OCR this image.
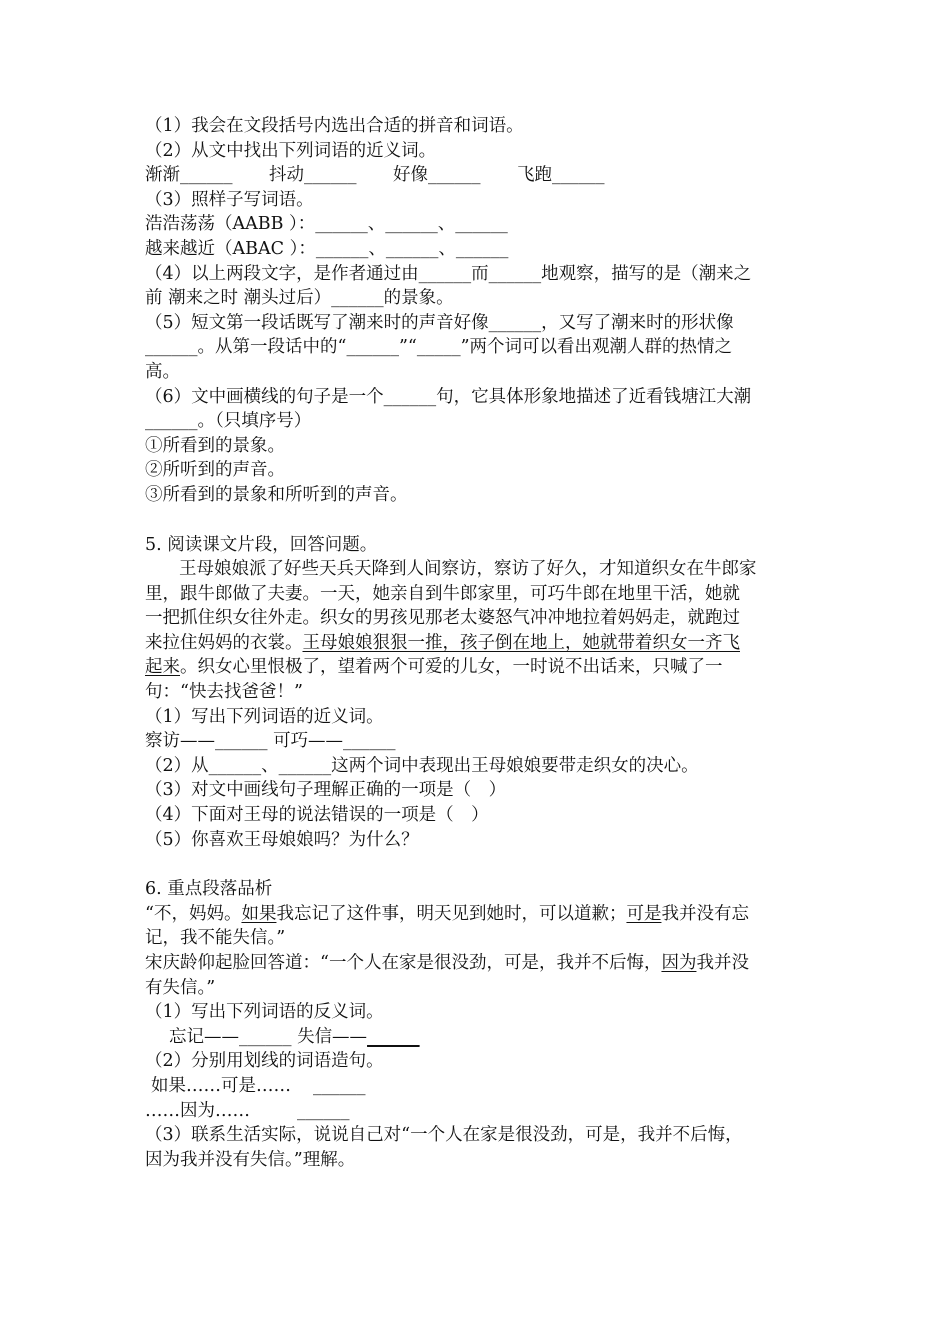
（1）我会在文段括号内选出合适的拼音和词语。
（2）从文中找出下列词语的近义词。

渐渐______

抖动______

好像______

飞跑______

（3）照样子写词语。
浩浩荡荡（AABB ）：______、______、______
越来越近（ABAC ）：______、______、______
（4）以上两段文字，是作者通过由______而______地观察，描写的是（潮来之
前 潮来之时 潮头过后）______的景象。
（5）短文第一段话既写了潮来时的声音好像______，又写了潮来时的形状像
______。从第一段话中的“______”“_____”两个词可以看出观潮人群的热情之
高。
（6）文中画横线的句子是一个______句，它具体形象地描述了近看钱塘江大潮
______。（只填序号）
①所看到的景象。
②所听到的声音。
③所看到的景象和所听到的声音。
5. 阅读课文片段，回答问题。
王母娘娘派了好些天兵天降到人间察访，察访了好久，才知道织女在牛郎家
里，跟牛郎做了夫妻。一天，她亲自到牛郎家里，可巧牛郎在地里干活，她就
一把抓住织女往外走。织女的男孩见那老太婆怒气冲冲地拉着妈妈走，就跑过
来拉住妈妈的衣裳。王母娘娘狠狠一推，孩子倒在地上，她就带着织女一齐飞
起来。织女心里恨极了，望着两个可爱的儿女，一时说不出话来，只喊了一
句：“快去找爸爸！”
（1）写出下列词语的近义词。
察访——______ 可巧——______
（2）从______、______这两个词中表现出王母娘娘要带走织女的决心。
（3）对文中画线句子理解正确的一项是（　）
（4）下面对王母的说法错误的一项是（　）
（5）你喜欢王母娘娘吗？为什么？
6. 重点段落品析
“不，妈妈。如果我忘记了这件事，明天见到她时，可以道歉；可是我并没有忘
记，我不能失信。”
宋庆龄仰起脸回答道：“一个人在家是很没劲，可是，我并不后悔，因为我并没
有失信。”
（1）写出下列词语的反义词。
忘记——______ 失信——______
（2）分别用划线的词语造句。

如果……可是……

______

……因为……

	______

（3）联系生活实际，说说自己对“一个人在家是很没劲，可是，我并不后悔，
因为我并没有失信。”理解。
